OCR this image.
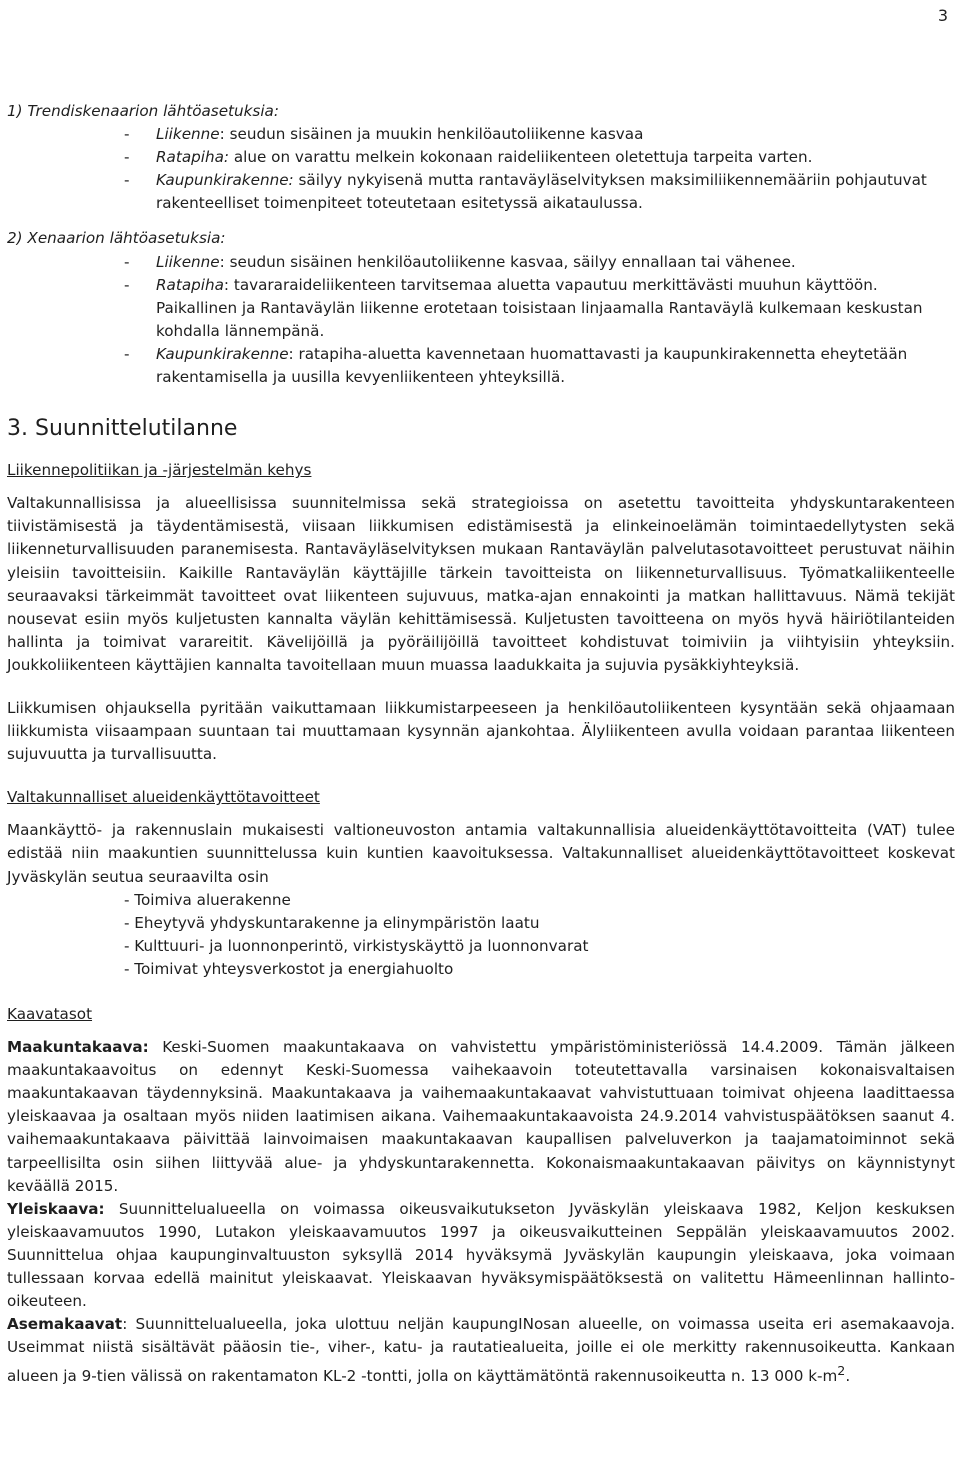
3

1) Trendiskenaarion lähtöasetuksia:

- Liikenne: seudun sisäinen ja muukin henkilöautoliikenne kasvaa
- Ratapiha: alue on varattu melkein kokonaan raideliikenteen oletettuja tarpeita varten.
- Kaupunkirakenne: säilyy nykyisenä mutta rantaväyläselvityksen maksimiliikennemääriin pohjautuvat rakenteelliset toimenpiteet toteutetaan esitetyssä aikataulussa.

2) Xenaarion lähtöasetuksia:

- Liikenne: seudun sisäinen henkilöautoliikenne kasvaa, säilyy ennallaan tai vähenee.
- Ratapiha: tavararaideliikenteen tarvitsemaa aluetta vapautuu merkittävästi muuhun käyttöön. Paikallinen ja Rantaväylän liikenne erotetaan toisistaan linjaamalla Rantaväylä kulkemaan keskustan kohdalla lännempänä.
- Kaupunkirakenne: ratapiha-aluetta kavennetaan huomattavasti ja kaupunkirakennetta eheytetään rakentamisella ja uusilla kevyenliikenteen yhteyksillä.
3. Suunnittelutilanne

Liikennepolitiikan ja -järjestelmän kehys

Valtakunnallisissa ja alueellisissa suunnitelmissa sekä strategioissa on asetettu tavoitteita yhdyskuntarakenteen tiivistämisestä ja täydentämisestä, viisaan liikkumisen edistämisestä ja elinkeinoelämän toimintaedellytysten sekä liikenneturvallisuuden paranemisesta. Rantaväyläselvityksen mukaan Rantaväylän palvelutasotavoitteet perustuvat näihin yleisiin tavoitteisiin. Kaikille Rantaväylän käyttäjille tärkein tavoitteista on liikenneturvallisuus. Työmatkaliikenteelle seuraavaksi tärkeimmät tavoitteet ovat liikenteen sujuvuus, matka-ajan ennakointi ja matkan hallittavuus. Nämä tekijät nousevat esiin myös kuljetusten kannalta väylän kehittämisessä. Kuljetusten tavoitteena on myös hyvä häiriötilanteiden hallinta ja toimivat varareitit. Kävelijöillä ja pyöräilijöillä tavoitteet kohdistuvat toimiviin ja viihtyisiin yhteyksiin. Joukkoliikenteen käyttäjien kannalta tavoitellaan muun muassa laadukkaita ja sujuvia pysäkkiyhteyksiä.

Liikkumisen ohjauksella pyritään vaikuttamaan liikkumistarpeeseen ja henkilöautoliikenteen kysyntään sekä ohjaamaan liikkumista viisaampaan suuntaan tai muuttamaan kysynnän ajankohtaa. Älyliikenteen avulla voidaan parantaa liikenteen sujuvuutta ja turvallisuutta.

Valtakunnalliset alueidenkäyttötavoitteet

Maankäyttö- ja rakennuslain mukaisesti valtioneuvoston antamia valtakunnallisia alueidenkäyttötavoitteita (VAT) tulee edistää niin maakuntien suunnittelussa kuin kuntien kaavoituksessa. Valtakunnalliset alueidenkäyttötavoitteet koskevat Jyväskylän seutua seuraavilta osin

- Toimiva aluerakenne
- Eheytyvä yhdyskuntarakenne ja elinympäristön laatu
- Kulttuuri- ja luonnonperintö, virkistyskäyttö ja luonnonvarat
- Toimivat yhteysverkostot ja energiahuolto

Kaavatasot

Maakuntakaava: Keski-Suomen maakuntakaava on vahvistettu ympäristöministeriössä 14.4.2009. Tämän jälkeen maakuntakaavoitus on edennyt Keski-Suomessa vaihekaavoin toteutettavalla varsinaisen kokonaisvaltaisen maakuntakaavan täydennyksinä. Maakuntakaava ja vaihemaakuntakaavat vahvistuttuaan toimivat ohjeena laadittaessa yleiskaavaa ja osaltaan myös niiden laatimisen aikana. Vaihemaakuntakaavoista 24.9.2014 vahvistuspäätöksen saanut 4. vaihemaakuntakaava päivittää lainvoimaisen maakuntakaavan kaupallisen palveluverkon ja taajamatoiminnot sekä tarpeellisilta osin siihen liittyvää alue- ja yhdyskuntarakennetta. Kokonaismaakuntakaavan päivitys on käynnistynyt keväällä 2015.

Yleiskaava: Suunnittelualueella on voimassa oikeusvaikutukseton Jyväskylän yleiskaava 1982, Keljon keskuksen yleiskaavamuutos 1990, Lutakon yleiskaavamuutos 1997 ja oikeusvaikutteinen Seppälän yleiskaavamuutos 2002. Suunnittelua ohjaa kaupunginvaltuuston syksyllä 2014 hyväksymä Jyväskylän kaupungin yleiskaava, joka voimaan tullessaan korvaa edellä mainitut yleiskaavat. Yleiskaavan hyväksymispäätöksestä on valitettu Hämeenlinnan hallinto-oikeuteen.

Asemakaavat: Suunnittelualueella, joka ulottuu neljän kaupungINosan alueelle, on voimassa useita eri asemakaavoja. Useimmat niistä sisältävät pääosin tie-, viher-, katu- ja rautatiealueita, joille ei ole merkitty rakennusoikeutta. Kankaan alueen ja 9-tien välissä on rakentamaton KL-2 -tontti, jolla on käyttämätöntä rakennusoikeutta n. 13 000 $k-m^2$.
